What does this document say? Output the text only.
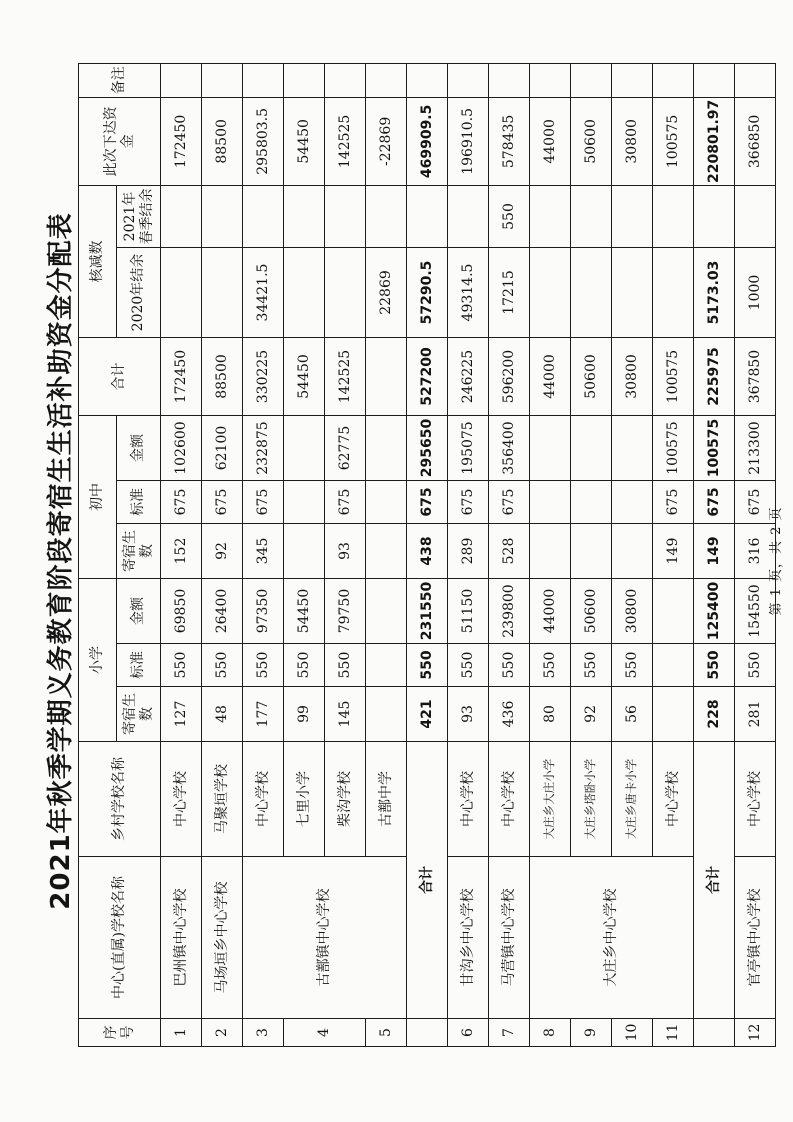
2021年秋季学期义务教育阶段寄宿生生活补助资金分配表
序号	中心(直属)学校名称	乡村学校名称	小学			初中			合计	核减数		此次下达资金	备注
			寄宿生数	标准	金额	寄宿生数	标准	金额		2020年结余	2021年春季结余		

1	巴州镇中心学校	中心学校	127	550	69850	152	675	102600	172450			172450	
2	马场垣乡中心学校	马聚垣学校	48	550	26400	92	675	62100	88500			88500	
3	古鄯镇中心学校	中心学校	177	550	97350	345	675	232875	330225	34421.5		295803.5	
4		七里小学	99	550	54450				54450			54450	
		柴沟学校	145	550	79750	93	675	62775	142525			142525	
5		古鄯中学								22869		-22869	
	合计		421	550	231550	438	675	295650	527200	57290.5		469909.5	
6	甘沟乡中心学校	中心学校	93	550	51150	289	675	195075	246225	49314.5		196910.5	
7	马营镇中心学校	中心学校	436	550	239800	528	675	356400	596200	17215	550	578435	
8	大庄乡中心学校	大庄乡大庄小学	80	550	44000				44000			44000	
9		大庄乡塔卧小学	92	550	50600				50600			50600	
10		大庄乡唐卡小学	56	550	30800				30800			30800	
11		中心学校				149	675	100575	100575			100575	
	合计		228	550	125400	149	675	100575	225975	5173.03		220801.97	
12	官亭镇中心学校	中心学校	281	550	154550	316	675	213300	367850	1000		366850	
第 1 页，共 2 页
